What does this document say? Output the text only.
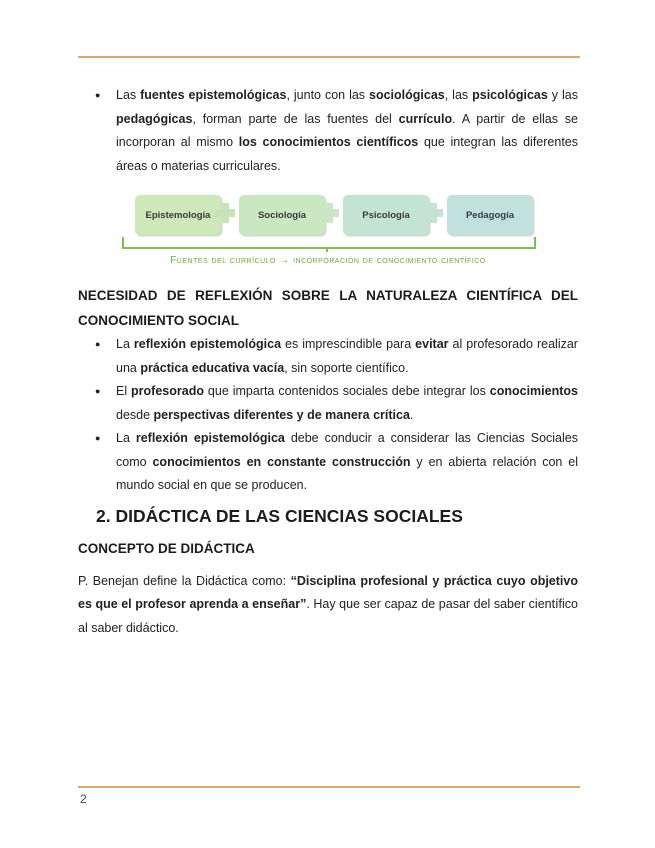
● Las fuentes epistemológicas, junto con las sociológicas, las psicológicas y las pedagógicas, forman parte de las fuentes del currículo. A partir de ellas se incorporan al mismo los conocimientos científicos que integran las diferentes áreas o materias curriculares.
Epistemología	Sociología	Psicología	Pedagogía
Fuentes del currículo → incorporación de conocimiento científico
NECESIDAD DE REFLEXIÓN SOBRE LA NATURALEZA CIENTÍFICA DEL CONOCIMIENTO SOCIAL
● La reflexión epistemológica es imprescindible para evitar al profesorado realizar una práctica educativa vacía, sin soporte científico.
● El profesorado que imparta contenidos sociales debe integrar los conocimientos desde perspectivas diferentes y de manera crítica.
● La reflexión epistemológica debe conducir a considerar las Ciencias Sociales como conocimientos en constante construcción y en abierta relación con el mundo social en que se producen.
2. DIDÁCTICA DE LAS CIENCIAS SOCIALES
CONCEPTO DE DIDÁCTICA
P. Benejan define la Didáctica como: “Disciplina profesional y práctica cuyo objetivo es que el profesor aprenda a enseñar”. Hay que ser capaz de pasar del saber científico al saber didáctico.
2
